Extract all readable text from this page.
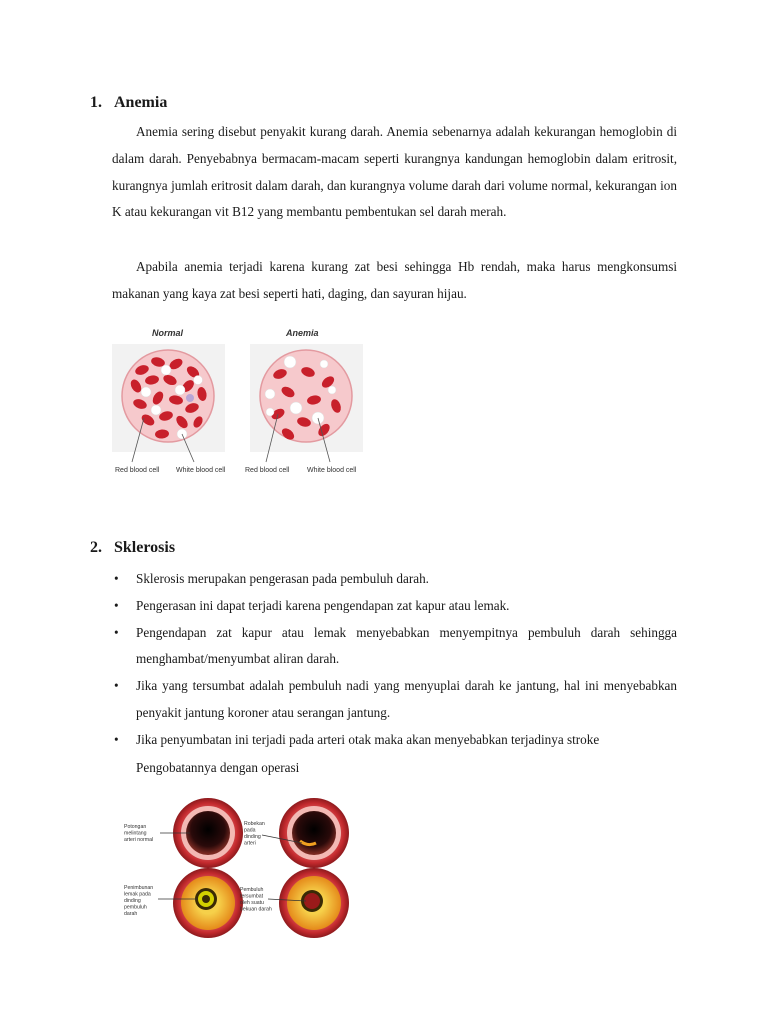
1. Anemia

Anemia sering disebut penyakit kurang darah. Anemia sebenarnya adalah kekurangan hemoglobin di dalam darah. Penyebabnya bermacam-macam seperti kurangnya kandungan hemoglobin dalam eritrosit, kurangnya jumlah eritrosit dalam darah, dan kurangnya volume darah dari volume normal, kekurangan ion K atau kekurangan vit B12 yang membantu pembentukan sel darah merah.

Apabila anemia terjadi karena kurang zat besi sehingga Hb rendah, maka harus mengkonsumsi makanan yang kaya zat besi seperti hati, daging, dan sayuran hijau.

Normal	Anemia
Red blood cell White blood cell	Red blood cell	White blood cell
2. Sklerosis
• Sklerosis merupakan pengerasan pada pembuluh darah.
• Pengerasan ini dapat terjadi karena pengendapan zat kapur atau lemak.
• Pengendapan zat kapur atau lemak menyebabkan menyempitnya pembuluh darah sehingga menghambat/menyumbat aliran darah.
• Jika yang tersumbat adalah pembuluh nadi yang menyuplai darah ke jantung, hal ini menyebabkan penyakit jantung koroner atau serangan jantung.
• Jika penyumbatan ini terjadi pada arteri otak maka akan menyebabkan terjadinya stroke
Pengobatannya dengan operasi
Potongan
melintang
arteri normal
Robekan
pada
dinding
arteri
Penimbunan
lemak pada
dinding
pembuluh
darah
Pembuluh
tersumbat
oleh suatu
bekuan darah
